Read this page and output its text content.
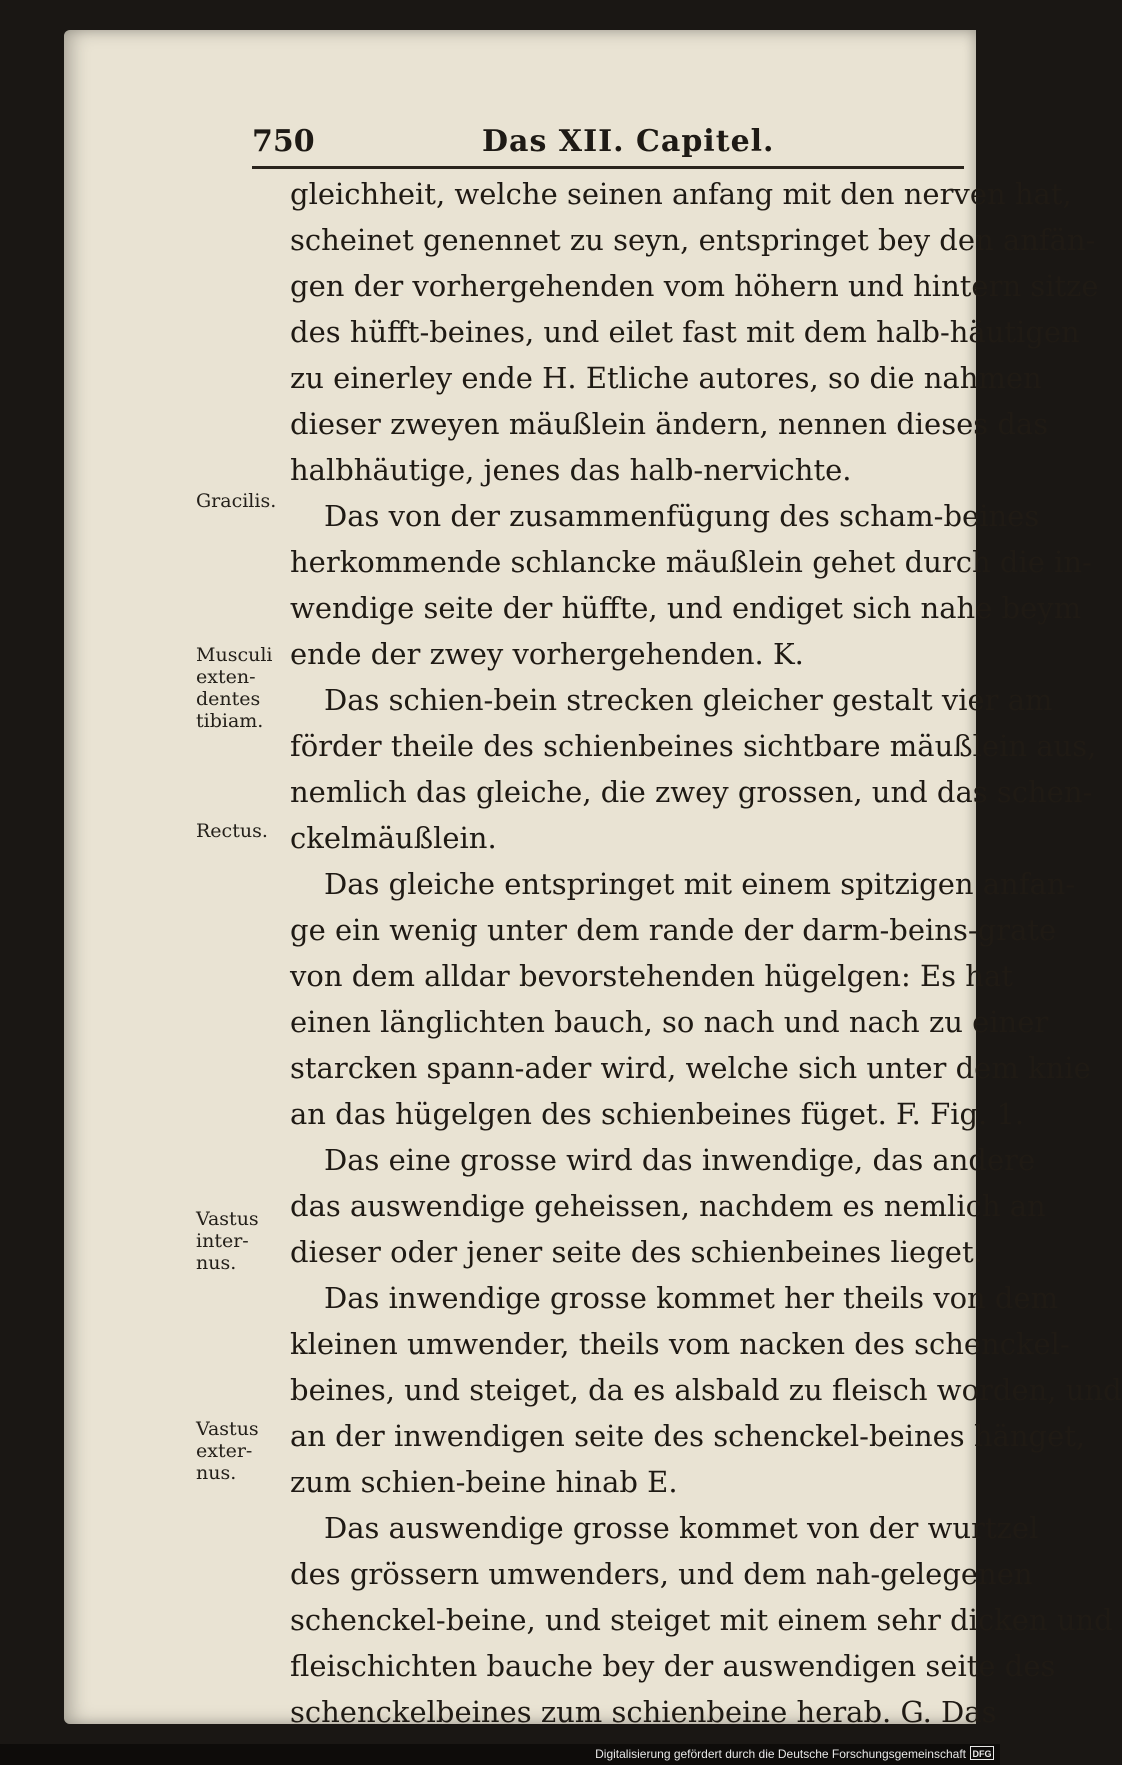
750	Das XII. Capitel.
gleichheit, welche seinen anfang mit den nerven hat,
scheinet genennet zu seyn, entspringet bey den anfän-
gen der vorhergehenden vom höhern und hintern sitze
des hüfft-beines, und eilet fast mit dem halb-häutigen
zu einerley ende H. Etliche autores, so die nahmen
dieser zweyen mäußlein ändern, nennen dieses das
halbhäutige, jenes das halb-nervichte.
Das von der zusammenfügung des scham-beines
herkommende schlancke mäußlein gehet durch die in-
wendige seite der hüffte, und endiget sich nahe beym
ende der zwey vorhergehenden. K.
Das schien-bein strecken gleicher gestalt vier am
förder theile des schienbeines sichtbare mäußlein aus,
nemlich das gleiche, die zwey grossen, und das schen-
ckelmäußlein.
Das gleiche entspringet mit einem spitzigen anfan-
ge ein wenig unter dem rande der darm-beins-grate
von dem alldar bevorstehenden hügelgen: Es hat
einen länglichten bauch, so nach und nach zu einer
starcken spann-ader wird, welche sich unter dem knie
an das hügelgen des schienbeines füget. F. Fig. 1.
Das eine grosse wird das inwendige, das andere
das auswendige geheissen, nachdem es nemlich an
dieser oder jener seite des schienbeines lieget.
Das inwendige grosse kommet her theils von dem
kleinen umwender, theils vom nacken des schenckel-
beines, und steiget, da es alsbald zu fleisch worden, und
an der inwendigen seite des schenckel-beines hänget,
zum schien-beine hinab E.
Das auswendige grosse kommet von der wurtzel
des grössern umwenders, und dem nah-gelegenen
schenckel-beine, und steiget mit einem sehr dicken und
fleischichten bauche bey der auswendigen seite des
schenckelbeines zum schienbeine herab. G. Das
Gracilis.
Musculi
exten-
dentes
tibiam.
Rectus.
Vastus
inter-
nus.
Vastus
exter-
nus.
Digitalisierung gefördert durch die Deutsche Forschungsgemeinschaft DFG
